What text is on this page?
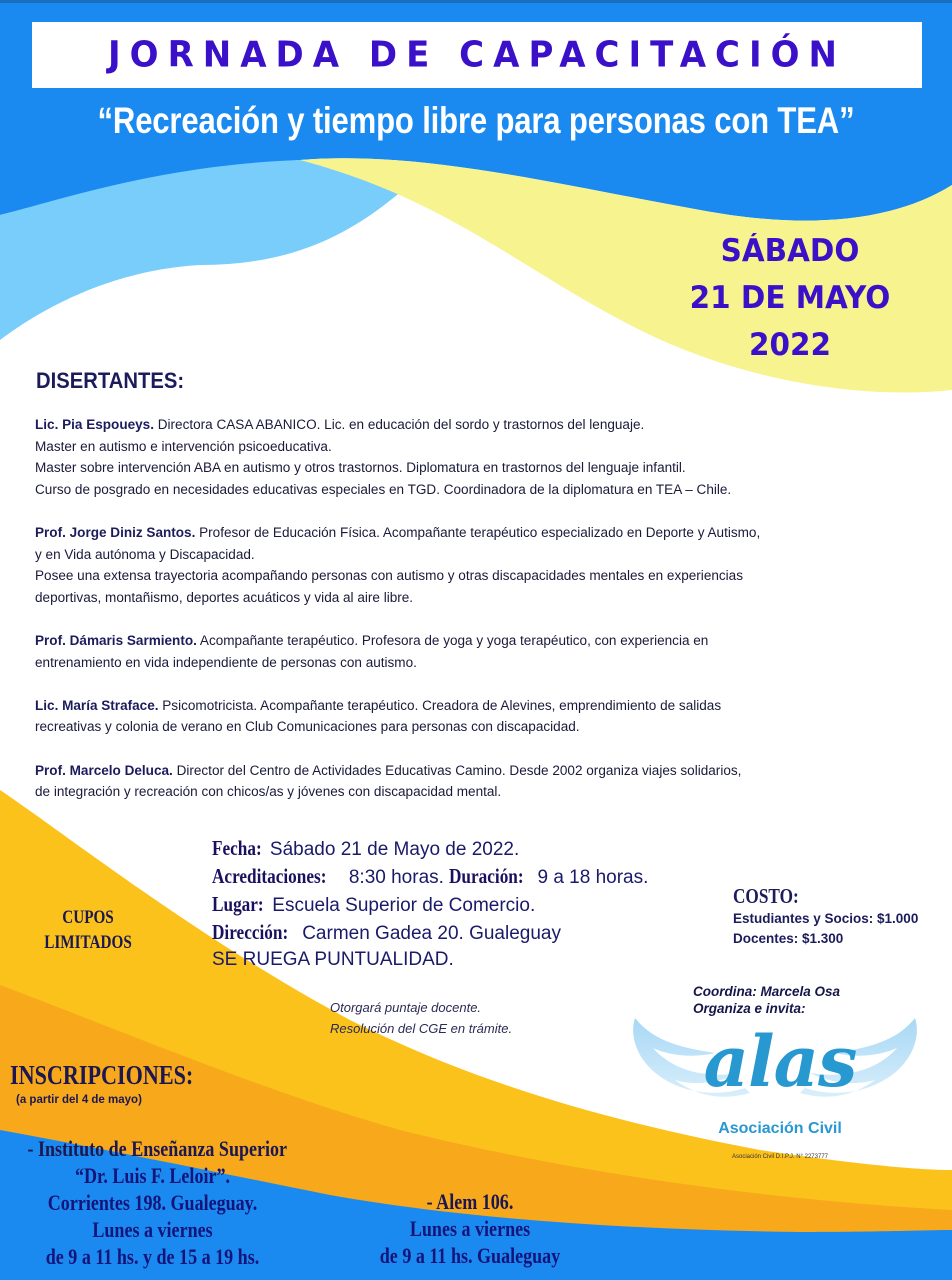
JORNADA DE CAPACITACIÓN
“Recreación y tiempo libre para personas con TEA”
SÁBADO
21 DE MAYO
2022
DISERTANTES:
Lic. Pia Espoueys. Directora CASA ABANICO. Lic. en educación del sordo y trastornos del lenguaje.
Master en autismo e intervención psicoeducativa.
Master sobre intervención ABA en autismo y otros trastornos. Diplomatura en trastornos del lenguaje infantil.
Curso de posgrado en necesidades educativas especiales en TGD. Coordinadora de la diplomatura en TEA – Chile.
Prof. Jorge Diniz Santos. Profesor de Educación Física. Acompañante terapéutico especializado en Deporte y Autismo,
y en Vida autónoma y Discapacidad.
Posee una extensa trayectoria acompañando personas con autismo y otras discapacidades mentales en experiencias
deportivas, montañismo, deportes acuáticos y vida al aire libre.
Prof. Dámaris Sarmiento. Acompañante terapéutico. Profesora de yoga y yoga terapéutico, con experiencia en
entrenamiento en vida independiente de personas con autismo.
Lic. María Straface. Psicomotricista. Acompañante terapéutico. Creadora de Alevines, emprendimiento de salidas
recreativas y colonia de verano en Club Comunicaciones para personas con discapacidad.
Prof. Marcelo Deluca. Director del Centro de Actividades Educativas Camino. Desde 2002 organiza viajes solidarios,
de integración y recreación con chicos/as y jóvenes con discapacidad mental.
Fecha: Sábado 21 de Mayo de 2022.
Acreditaciones: 8:30 horas. Duración: 9 a 18 horas.
Lugar: Escuela Superior de Comercio.
Dirección: Carmen Gadea 20. Gualeguay
SE RUEGA PUNTUALIDAD.
CUPOS
LIMITADOS
COSTO:
Estudiantes y Socios: $1.000
Docentes: $1.300
Coordina: Marcela Osa
Organiza e invita:
Otorgará puntaje docente.
Resolución del CGE en trámite.	alas
Asociación Civil
Asociación Civil D.I.P.J. N° 2273777
INSCRIPCIONES:
(a partir del 4 de mayo)
- Instituto de Enseñanza Superior
“Dr. Luis F. Leloir”.
Corrientes 198. Gualeguay.
Lunes a viernes
de 9 a 11 hs. y de 15 a 19 hs.
- Alem 106.
Lunes a viernes
de 9 a 11 hs. Gualeguay
